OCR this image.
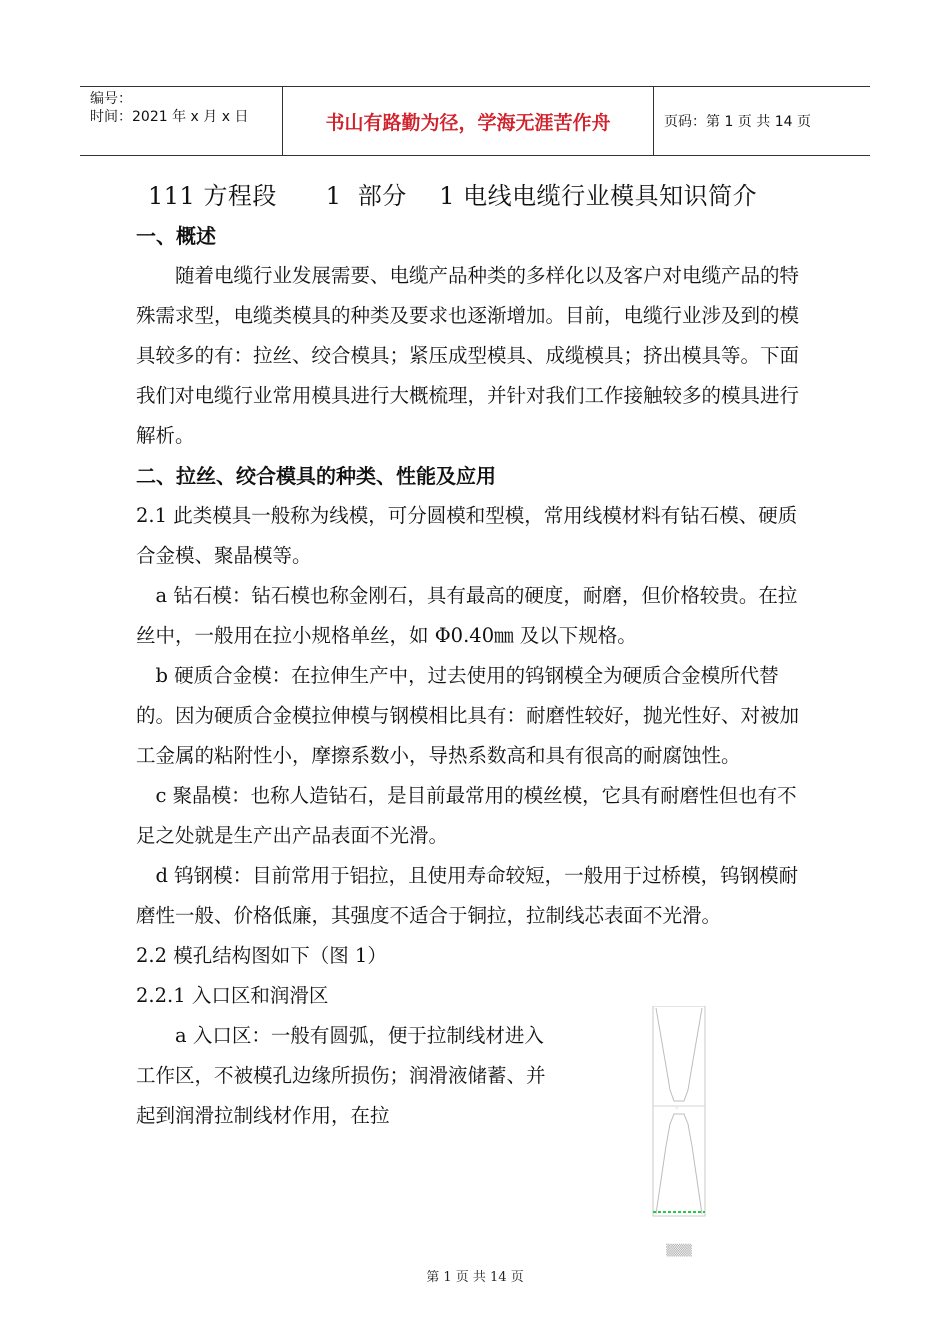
编号：
时间：2021 年 x 月 x 日	书山有路勤为径，学海无涯苦作舟	页码：第 1 页 共 14 页
111 方程段      1  部分    1 电线电缆行业模具知识简介

一、概述

随着电缆行业发展需要、电缆产品种类的多样化以及客户对电缆产品的特殊需求型，电缆类模具的种类及要求也逐渐增加。目前，电缆行业涉及到的模具较多的有：拉丝、绞合模具；紧压成型模具、成缆模具；挤出模具等。下面我们对电缆行业常用模具进行大概梳理，并针对我们工作接触较多的模具进行解析。

二、拉丝、绞合模具的种类、性能及应用

2.1 此类模具一般称为线模，可分圆模和型模，常用线模材料有钻石模、硬质合金模、聚晶模等。

a 钻石模：钻石模也称金刚石，具有最高的硬度，耐磨，但价格较贵。在拉丝中，一般用在拉小规格单丝，如 Φ0.40㎜ 及以下规格。

b 硬质合金模：在拉伸生产中，过去使用的钨钢模全为硬质合金模所代替的。因为硬质合金模拉伸模与钢模相比具有：耐磨性较好，抛光性好、对被加工金属的粘附性小，摩擦系数小，导热系数高和具有很高的耐腐蚀性。

c 聚晶模：也称人造钻石，是目前最常用的模丝模，它具有耐磨性但也有不足之处就是生产出产品表面不光滑。

d 钨钢模：目前常用于铝拉，且使用寿命较短，一般用于过桥模，钨钢模耐磨性一般、价格低廉，其强度不适合于铜拉，拉制线芯表面不光滑。

2.2 模孔结构图如下（图 1）

2.2.1 入口区和润滑区

a 入口区：一般有圆弧，便于拉制线材进入工作区，不被模孔边缘所损伤；润滑液储蓄、并起到润滑拉制线材作用，在拉	。
▒▒▒
第 1 页 共 14 页
